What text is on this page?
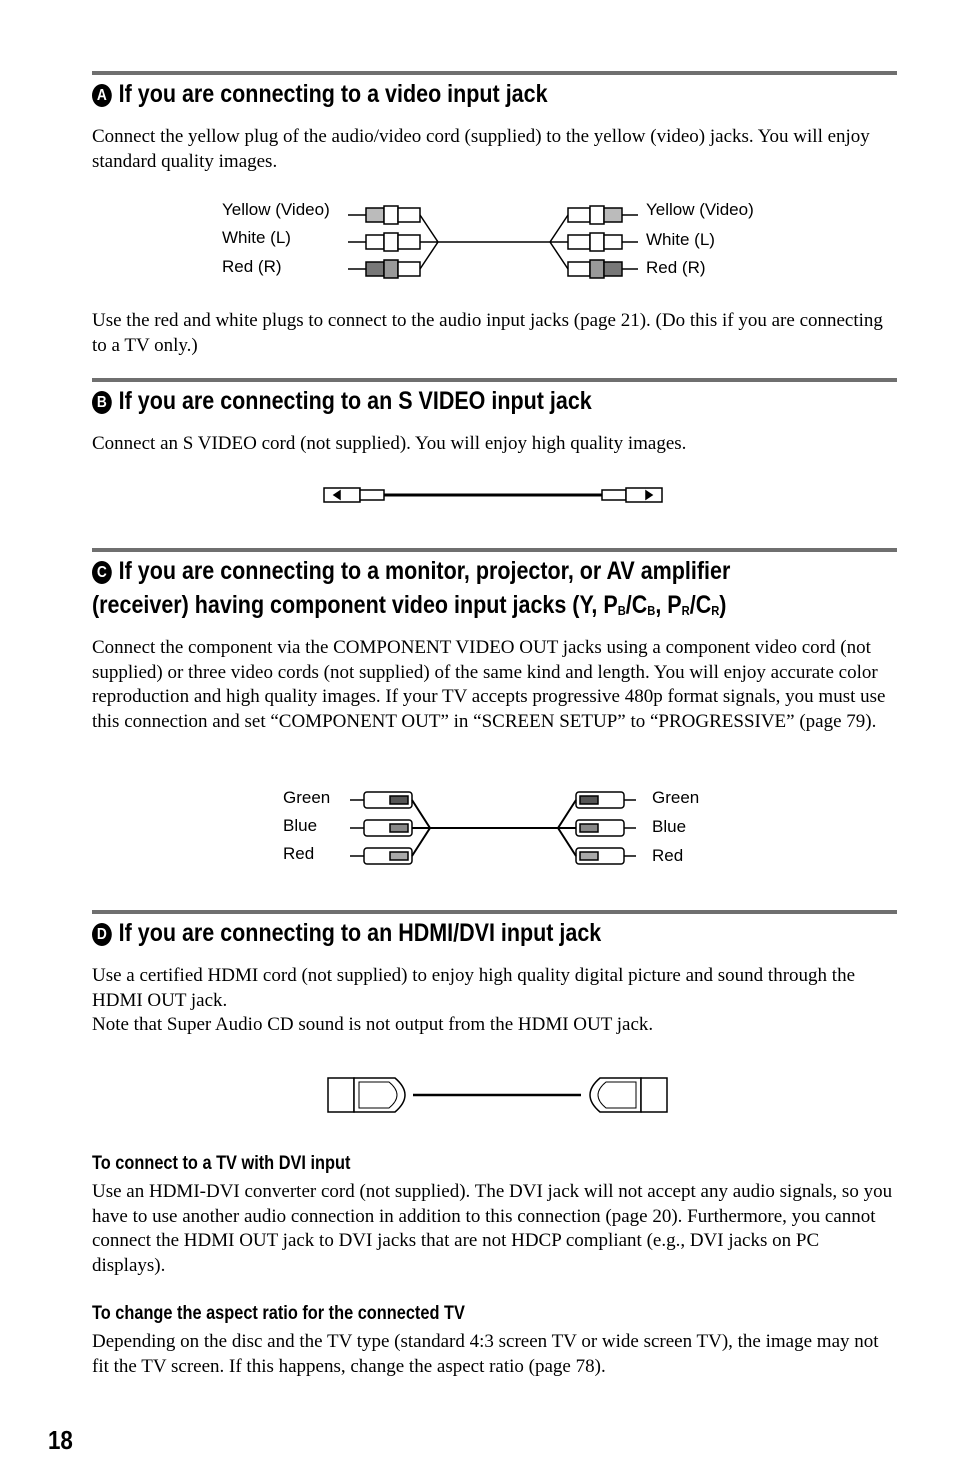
A If you are connecting to a video input jack

Connect the yellow plug of the audio/video cord (supplied) to the yellow (video) jacks. You will enjoy standard quality images.

Yellow (Video)
White (L)
Red (R)
Yellow (Video)
White (L)
Red (R)

Use the red and white plugs to connect to the audio input jacks (page 21). (Do this if you are connecting to a TV only.)

B If you are connecting to an S VIDEO input jack

Connect an S VIDEO cord (not supplied). You will enjoy high quality images.

C If you are connecting to a monitor, projector, or AV amplifier
(receiver) having component video input jacks (Y, $P_B/C_B$, $P_R/C_R$)

Connect the component via the COMPONENT VIDEO OUT jacks using a component video cord (not supplied) or three video cords (not supplied) of the same kind and length. You will enjoy accurate color reproduction and high quality images. If your TV accepts progressive 480p format signals, you must use this connection and set “COMPONENT OUT” in “SCREEN SETUP” to “PROGRESSIVE” (page 79).

Green
Blue
Red
Green
Blue
Red
D If you are connecting to an HDMI/DVI input jack

Use a certified HDMI cord (not supplied) to enjoy high quality digital picture and sound through the HDMI OUT jack.

Note that Super Audio CD sound is not output from the HDMI OUT jack.

To connect to a TV with DVI input

Use an HDMI-DVI converter cord (not supplied). The DVI jack will not accept any audio signals, so you have to use another audio connection in addition to this connection (page 20). Furthermore, you cannot connect the HDMI OUT jack to DVI jacks that are not HDCP compliant (e.g., DVI jacks on PC displays).

To change the aspect ratio for the connected TV

Depending on the disc and the TV type (standard 4:3 screen TV or wide screen TV), the image may not fit the TV screen. If this happens, change the aspect ratio (page 78).

18
